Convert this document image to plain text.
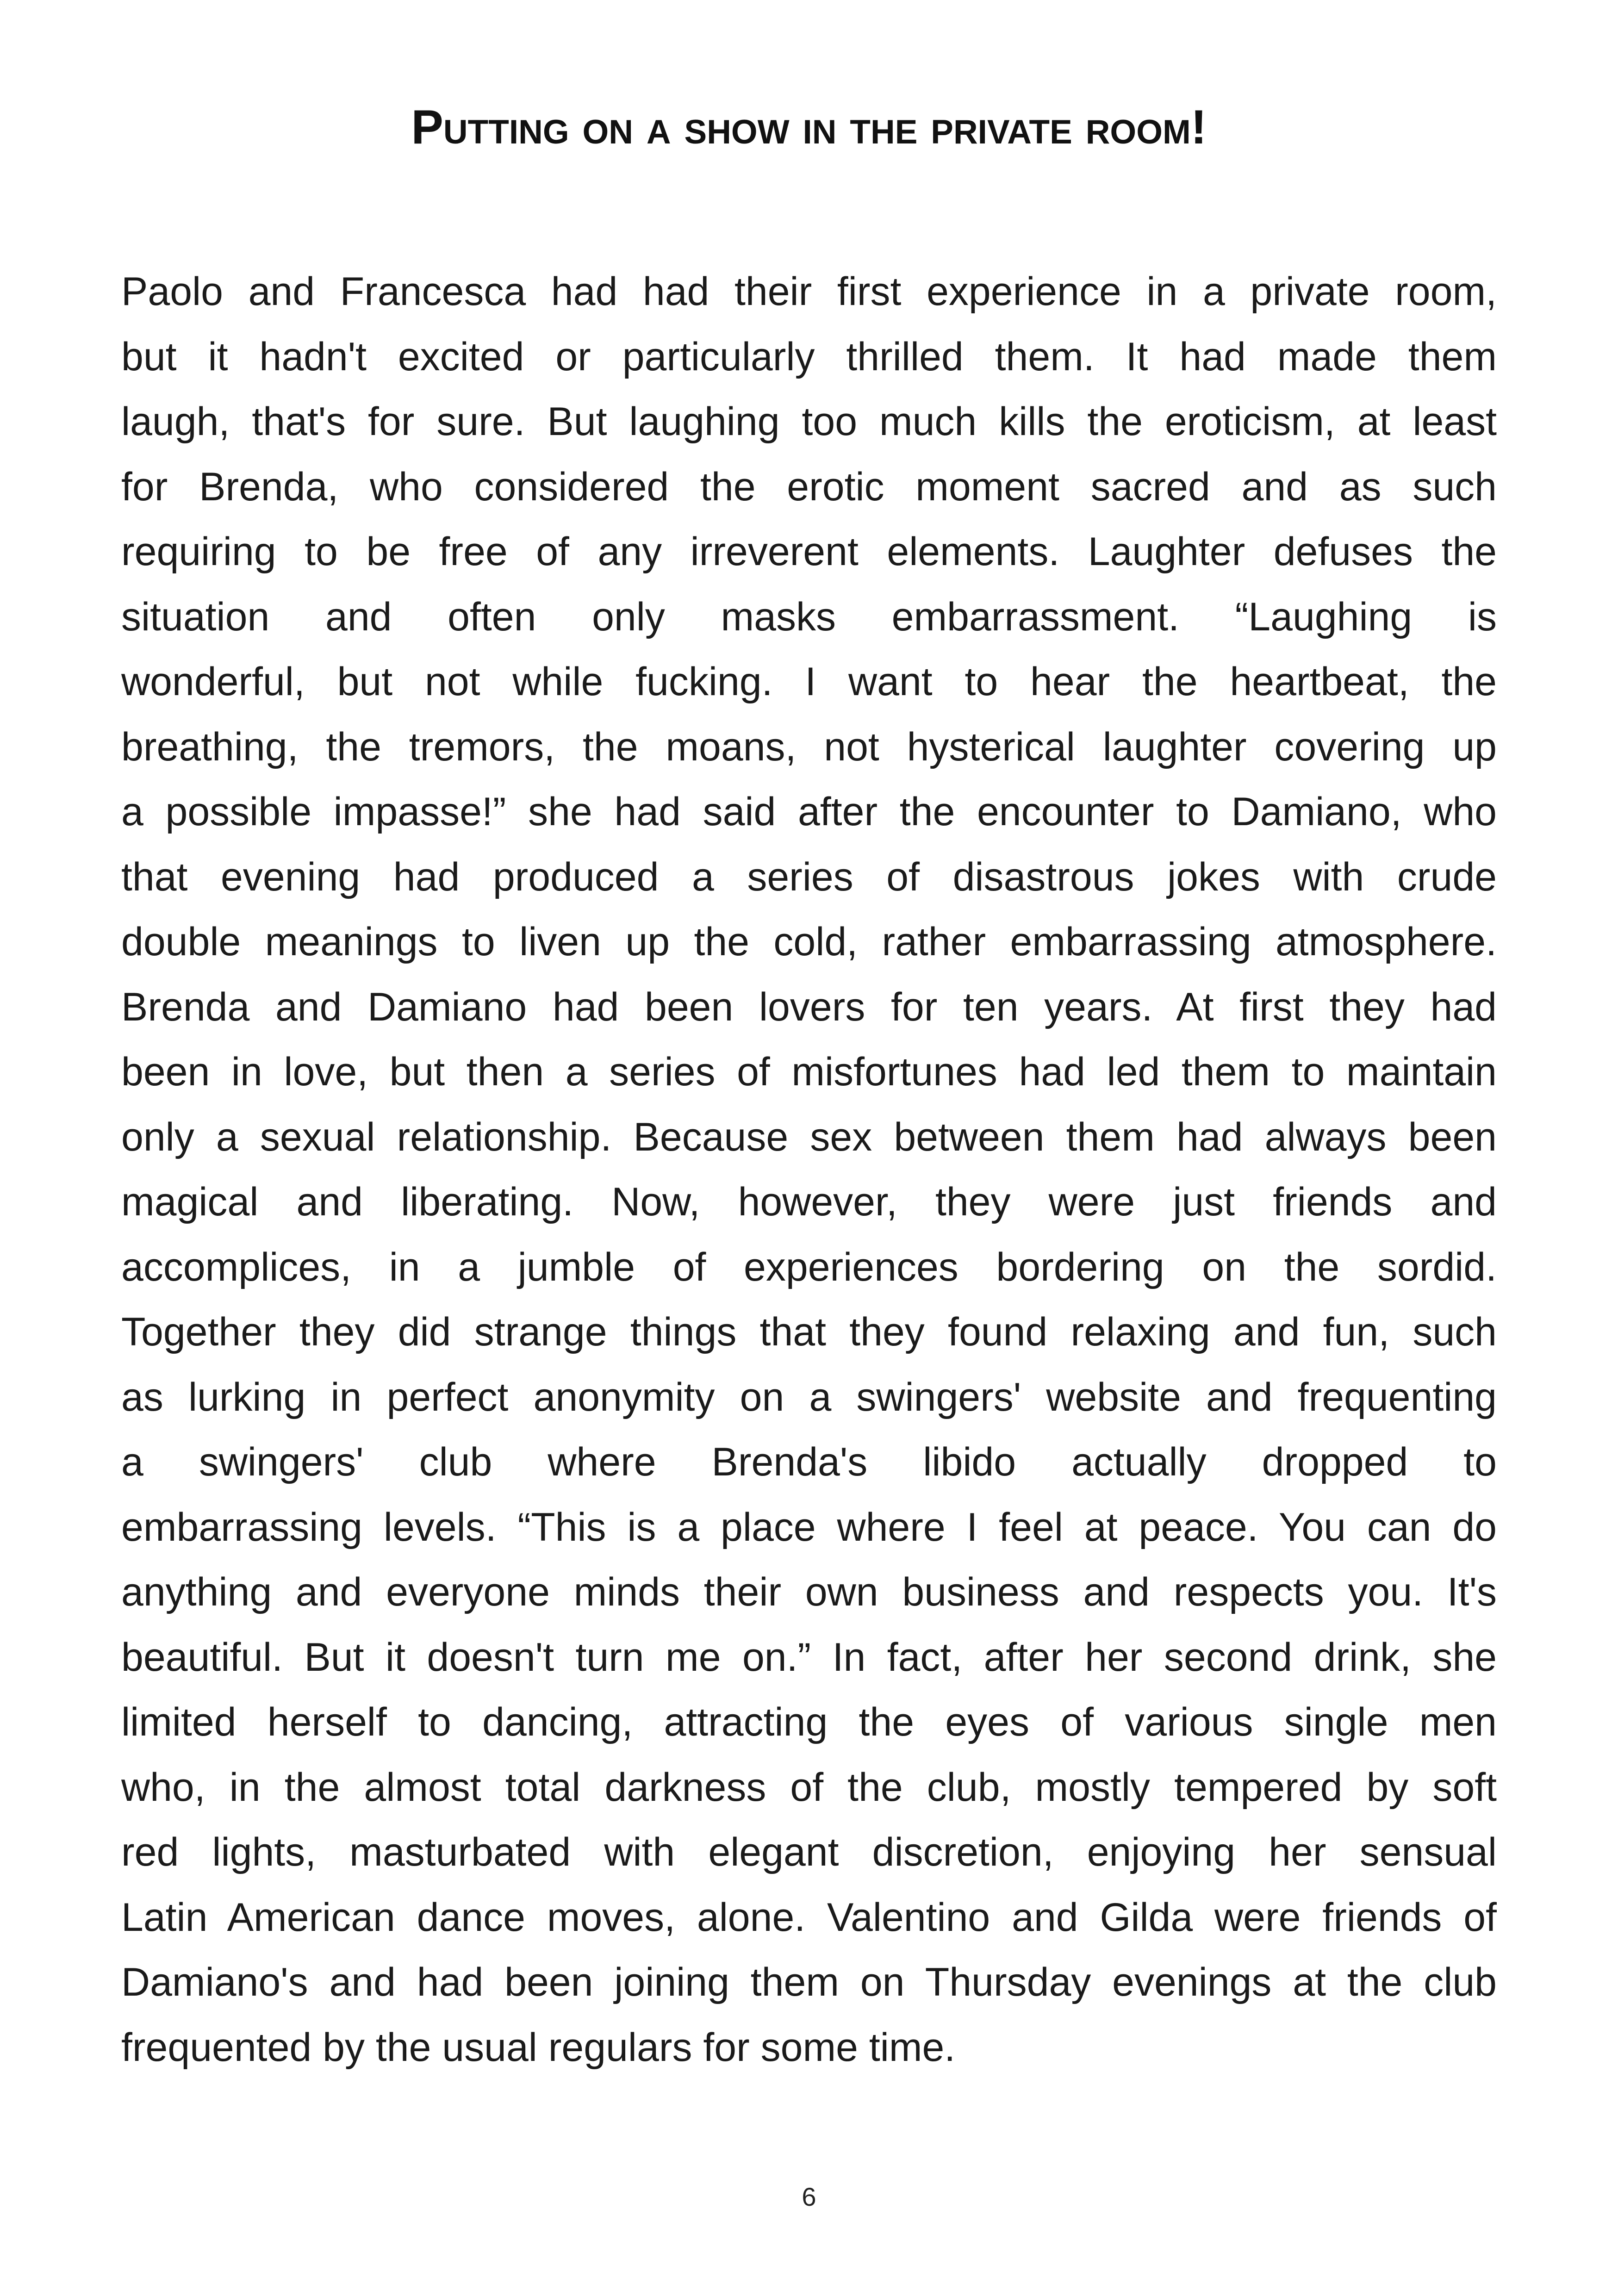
Putting on a show in the private room!
Paolo and Francesca had had their first experience in a private room,
but it hadn't excited or particularly thrilled them. It had made them
laugh, that's for sure. But laughing too much kills the eroticism, at least
for Brenda, who considered the erotic moment sacred and as such
requiring to be free of any irreverent elements. Laughter defuses the
situation and often only masks embarrassment. “Laughing is
wonderful, but not while fucking. I want to hear the heartbeat, the
breathing, the tremors, the moans, not hysterical laughter covering up
a possible impasse!” she had said after the encounter to Damiano, who
that evening had produced a series of disastrous jokes with crude
double meanings to liven up the cold, rather embarrassing atmosphere.
Brenda and Damiano had been lovers for ten years. At first they had
been in love, but then a series of misfortunes had led them to maintain
only a sexual relationship. Because sex between them had always been
magical and liberating. Now, however, they were just friends and
accomplices, in a jumble of experiences bordering on the sordid.
Together they did strange things that they found relaxing and fun, such
as lurking in perfect anonymity on a swingers' website and frequenting
a swingers' club where Brenda's libido actually dropped to
embarrassing levels. “This is a place where I feel at peace. You can do
anything and everyone minds their own business and respects you. It's
beautiful. But it doesn't turn me on.” In fact, after her second drink, she
limited herself to dancing, attracting the eyes of various single men
who, in the almost total darkness of the club, mostly tempered by soft
red lights, masturbated with elegant discretion, enjoying her sensual
Latin American dance moves, alone. Valentino and Gilda were friends of
Damiano's and had been joining them on Thursday evenings at the club
frequented by the usual regulars for some time.
6
